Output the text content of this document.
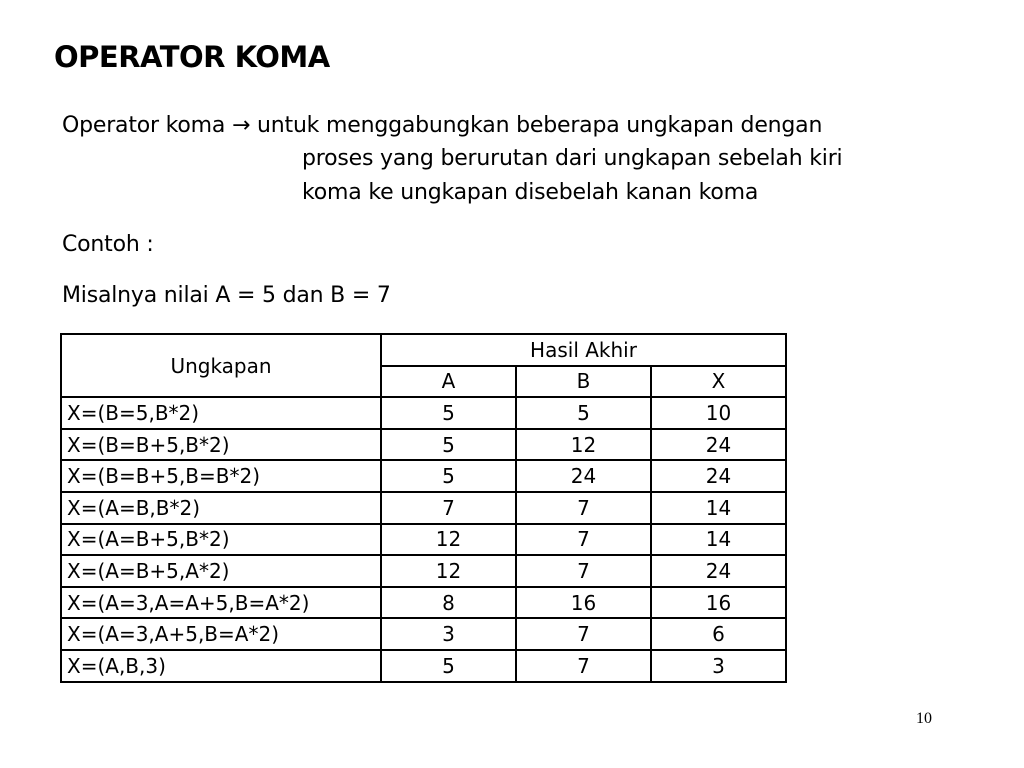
OPERATOR KOMA
Operator koma → untuk menggabungkan beberapa ungkapan dengan
proses yang berurutan dari ungkapan sebelah kiri
koma ke ungkapan disebelah kanan koma
Contoh :
Misalnya nilai A = 5 dan B = 7
Ungkapan	Hasil Akhir		
	A	B	X
X=(B=5,B*2)	5	5	10
X=(B=B+5,B*2)	5	12	24
X=(B=B+5,B=B*2)	5	24	24
X=(A=B,B*2)	7	7	14
X=(A=B+5,B*2)	12	7	14
X=(A=B+5,A*2)	12	7	24
X=(A=3,A=A+5,B=A*2)	8	16	16
X=(A=3,A+5,B=A*2)	3	7	6
X=(A,B,3)	5	7	3
10
